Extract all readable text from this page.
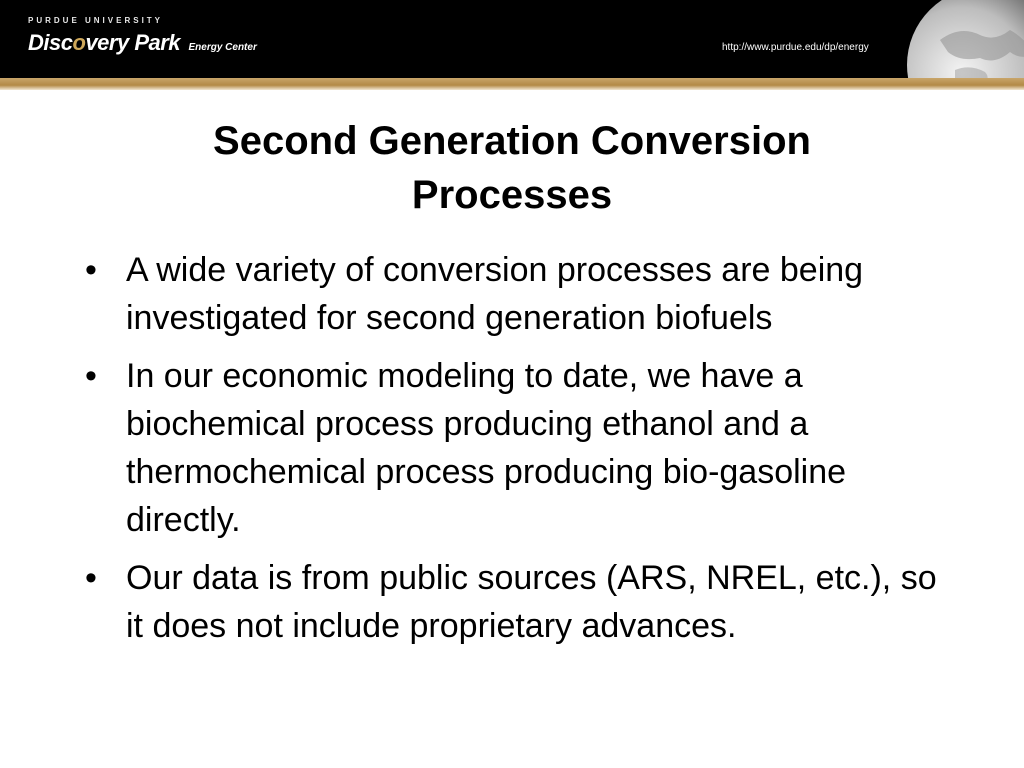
PURDUE UNIVERSITY
Discovery Park Energy Center	http://www.purdue.edu/dp/energy
Second Generation Conversion
Processes
• A wide variety of conversion processes are being investigated for second generation biofuels
• In our economic modeling to date, we have a biochemical process producing ethanol and a thermochemical process producing bio-gasoline directly.
• Our data is from public sources (ARS, NREL, etc.), so it does not include proprietary advances.
